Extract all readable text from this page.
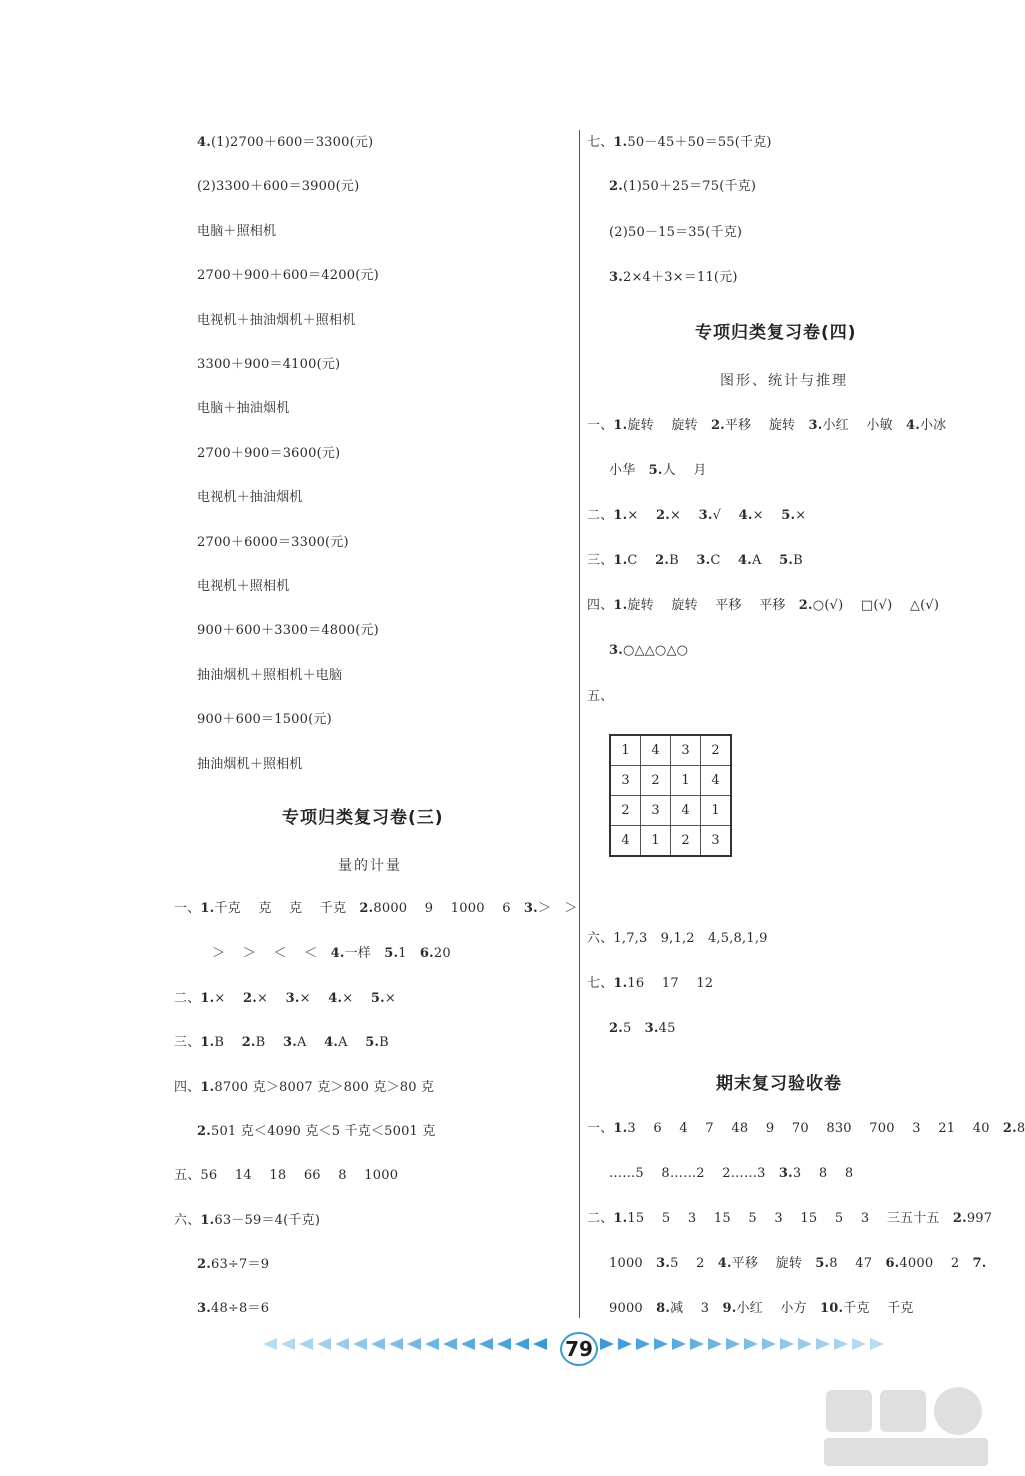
4.(1)2700＋600＝3300(元)
(2)3300＋600＝3900(元)
电脑＋照相机
2700＋900＋600＝4200(元)
电视机＋抽油烟机＋照相机
3300＋900＝4100(元)
电脑＋抽油烟机
2700＋900＝3600(元)
电视机＋抽油烟机
2700＋6000＝3300(元)
电视机＋照相机
900＋600＋3300＝4800(元)
抽油烟机＋照相机＋电脑
900＋600＝1500(元)
抽油烟机＋照相机
一、1.千克　 克　 克　 千克　2.8000　 9　 1000　 6　3.＞　＞
＞　 ＞　 ＜　 ＜　4.一样　5.1　6.20
二、1.×　 2.×　 3.×　 4.×　 5.×
三、1.B　 2.B　 3.A　 4.A　 5.B
四、1.8700 克＞8007 克＞800 克＞80 克
2.501 克＜4090 克＜5 千克＜5001 克
五、56　 14　 18　 66　 8　 1000
六、1.63－59＝4(千克)
2.63÷7＝9
3.48÷8＝6
专项归类复习卷(三)
量的计量
七、1.50－45＋50＝55(千克)
2.(1)50＋25＝75(千克)
(2)50－15＝35(千克)
3.2×4＋3×＝11(元)
一、1.旋转　 旋转　2.平移　 旋转　3.小红　 小敏　4.小冰
小华　5.人　 月
二、1.×　 2.×　 3.√　 4.×　 5.×
三、1.C　 2.B　 3.C　 4.A　 5.B
四、1.旋转　 旋转　 平移　 平移　2.○(√)　 □(√)　 △(√)
3.○△△○△○
五、
六、1,7,3　9,1,2　4,5,8,1,9
七、1.16　 17　 12
2.5　3.45
一、1.3　 6　 4　 7　 48　 9　 70　 830　 700　 3　 21　 40　2.8
……5　 8……2　 2……3　3.3　 8　 8
二、1.15　 5　 3　 15　 5　 3　 15　 5　 3　 三五十五　2.997
1000　3.5　 2　4.平移　 旋转　5.8　 47　6.4000　 2　7.
9000　8.减　 3　9.小红　 小方　10.千克　 千克
专项归类复习卷(四)
图形、统计与推理
1	4	3	2
3	2	1	4
2	3	4	1
4	1	2	3
期末复习验收卷
79
